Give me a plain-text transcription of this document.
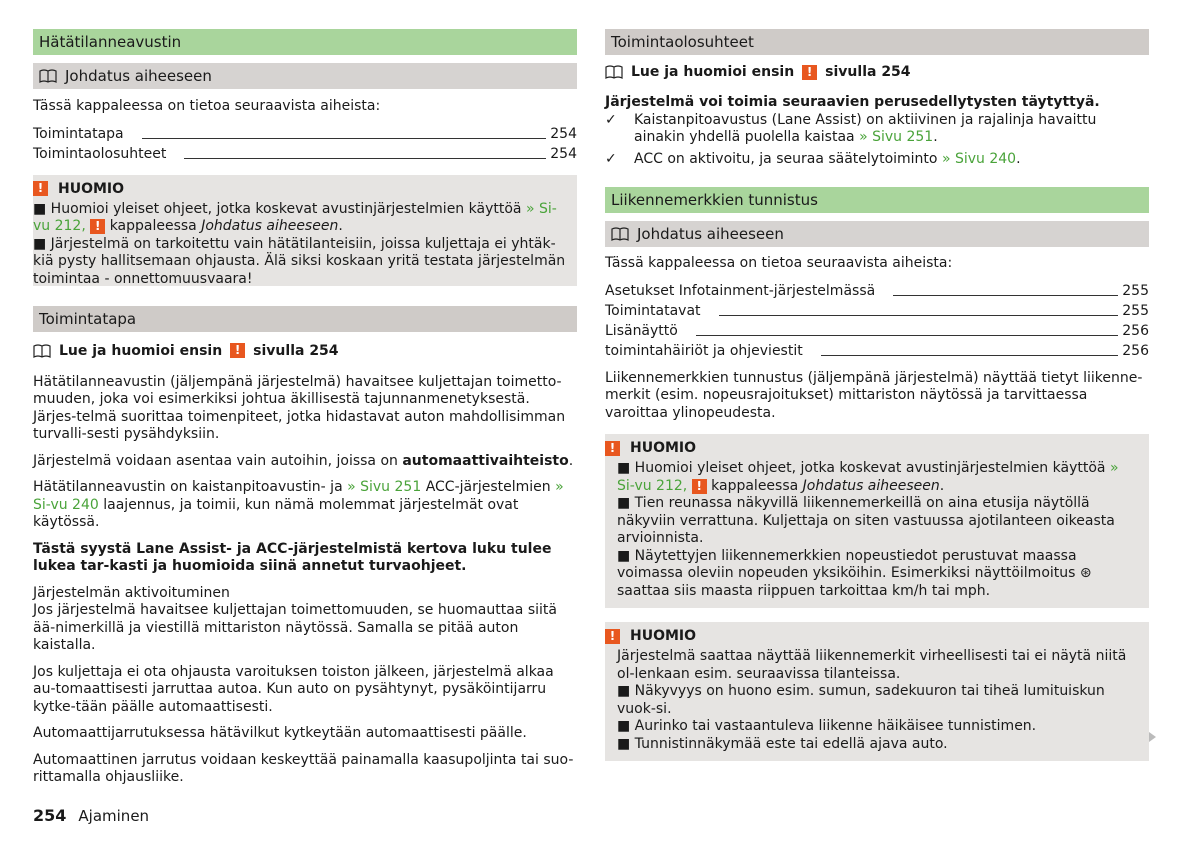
Hätätilanneavustin
Johdatus aiheeseen

Tässä kappaleessa on tietoa seuraavista aiheista:

Toimintatapa	254
Toimintaolosuhteet	254
!	HUOMIO
■ Huomioi yleiset ohjeet, jotka koskevat avustinjärjestelmien käyttöä » Si-vu 212, ! kappaleessa Johdatus aiheeseen.
■ Järjestelmä on tarkoitettu vain hätätilanteisiin, joissa kuljettaja ei yhtäk-kiä pysty hallitsemaan ohjausta. Älä siksi koskaan yritä testata järjestelmän toimintaa - onnettomuusvaara!
Toimintatapa
Lue ja huomioi ensin	! sivulla 254

Hätätilanneavustin (jäljempänä järjestelmä) havaitsee kuljettajan toimetto-muuden, joka voi esimerkiksi johtua äkillisestä tajunnanmenetyksestä. Järjes-telmä suorittaa toimenpiteet, jotka hidastavat auton mahdollisimman turvalli-sesti pysähdyksiin.

Järjestelmä voidaan asentaa vain autoihin, joissa on automaattivaihteisto.

Hätätilanneavustin on kaistanpitoavustin- ja » Sivu 251 ACC-järjestelmien » Si-vu 240 laajennus, ja toimii, kun nämä molemmat järjestelmät ovat käytössä.

Tästä syystä Lane Assist- ja ACC-järjestelmistä kertova luku tulee lukea tar-kasti ja huomioida siinä annetut turvaohjeet.

Järjestelmän aktivoituminen

Jos järjestelmä havaitsee kuljettajan toimettomuuden, se huomauttaa siitä ää-nimerkillä ja viestillä mittariston näytössä. Samalla se pitää auton kaistalla.

Jos kuljettaja ei ota ohjausta varoituksen toiston jälkeen, järjestelmä alkaa au-tomaattisesti jarruttaa autoa. Kun auto on pysähtynyt, pysäköintijarru kytke-tään päälle automaattisesti.

Automaattijarrutuksessa hätävilkut kytkeytään automaattisesti päälle.

Automaattinen jarrutus voidaan keskeyttää painamalla kaasupoljinta tai suo-rittamalla ohjausliike.

Toimintaolosuhteet
Lue ja huomioi ensin	! sivulla 254

Järjestelmä voi toimia seuraavien perusedellytysten täytyttyä.

✓ Kaistanpitoavustus (Lane Assist) on aktiivinen ja rajalinja havaittu ainakin yhdellä puolella kaistaa » Sivu 251.
✓ ACC on aktivoitu, ja seuraa säätelytoiminto » Sivu 240.
Liikennemerkkien tunnistus
Johdatus aiheeseen

Tässä kappaleessa on tietoa seuraavista aiheista:

Asetukset Infotainment-järjestelmässä	255
Toimintatavat	255
Lisänäyttö	256
toimintahäiriöt ja ohjeviestit	256

Liikennemerkkien tunnustus (jäljempänä järjestelmä) näyttää tietyt liikenne-merkit (esim. nopeusrajoitukset) mittariston näytössä ja tarvittaessa varoittaa ylinopeudesta.

!	HUOMIO
■ Huomioi yleiset ohjeet, jotka koskevat avustinjärjestelmien käyttöä » Si-vu 212, ! kappaleessa Johdatus aiheeseen.
■ Tien reunassa näkyvillä liikennemerkeillä on aina etusija näytöllä näkyviin verrattuna. Kuljettaja on siten vastuussa ajotilanteen oikeasta arvioinnista.
■ Näytettyjen liikennemerkkien nopeustiedot perustuvat maassa voimassa oleviin nopeuden yksiköihin. Esimerkiksi näyttöilmoitus ⊛ saattaa siis maasta riippuen tarkoittaa km/h tai mph.
!	HUOMIO
Järjestelmä saattaa näyttää liikennemerkit virheellisesti tai ei näytä niitä ol-lenkaan esim. seuraavissa tilanteissa.
■ Näkyvyys on huono esim. sumun, sadekuuron tai tiheä lumituiskun vuok-si.
■ Aurinko tai vastaantuleva liikenne häikäisee tunnistimen.
■ Tunnistinnäkymää este tai edellä ajava auto.
254 Ajaminen
